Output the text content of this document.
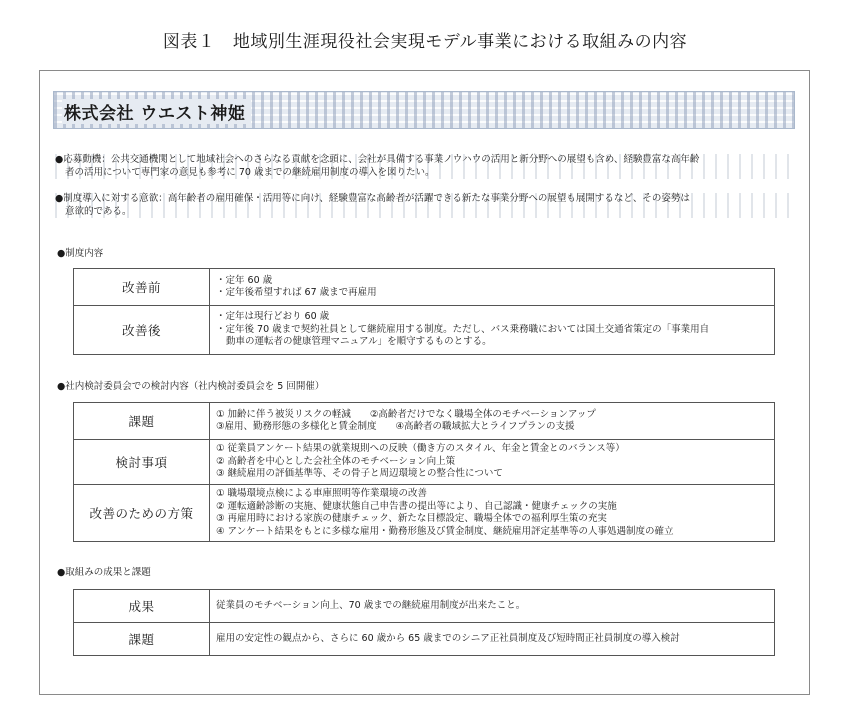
図表１　地域別生涯現役社会実現モデル事業における取組みの内容
株式会社 ウエスト神姫
●応募動機：公共交通機関として地域社会へのさらなる貢献を念頭に、会社が具備する事業ノウハウの活用と新分野への展望も含め、経験豊富な高年齢
者の活用について専門家の意見も参考に 70 歳までの継続雇用制度の導入を図りたい。
●制度導入に対する意欲：高年齢者の雇用確保・活用等に向け、経験豊富な高齢者が活躍できる新たな事業分野への展望も展開するなど、その姿勢は
意欲的である。
●制度内容
改善前	・定年 60 歳
・定年後希望すれば 67 歳まで再雇用

改善後	・定年は現行どおり 60 歳
・定年後 70 歳まで契約社員として継続雇用する制度。ただし、バス乗務職においては国土交通省策定の「事業用自
動車の運転者の健康管理マニュアル」を順守するものとする。
●社内検討委員会での検討内容（社内検討委員会を 5 回開催）
課題	① 加齢に伴う被災リスクの軽減　　②高齢者だけでなく職場全体のモチベーションアップ
③雇用、勤務形態の多様化と賃金制度　　④高齢者の職域拡大とライフプランの支援

検討事項	① 従業員アンケート結果の就業規則への反映（働き方のスタイル、年金と賃金とのバランス等）
② 高齢者を中心とした会社全体のモチベーション向上策
③ 継続雇用の評価基準等、その骨子と周辺環境との整合性について

改善のための方策	① 職場環境点検による車庫照明等作業環境の改善
② 運転適齢診断の実施、健康状態自己申告書の提出等により、自己認識・健康チェックの実施
③ 再雇用時における家族の健康チェック、新たな目標設定、職場全体での福利厚生策の充実
④ アンケート結果をもとに多様な雇用・勤務形態及び賃金制度、継続雇用評定基準等の人事処遇制度の確立
●取組みの成果と課題
成果	従業員のモチベーション向上、70 歳までの継続雇用制度が出来たこと。

課題	雇用の安定性の観点から、さらに 60 歳から 65 歳までのシニア正社員制度及び短時間正社員制度の導入検討
